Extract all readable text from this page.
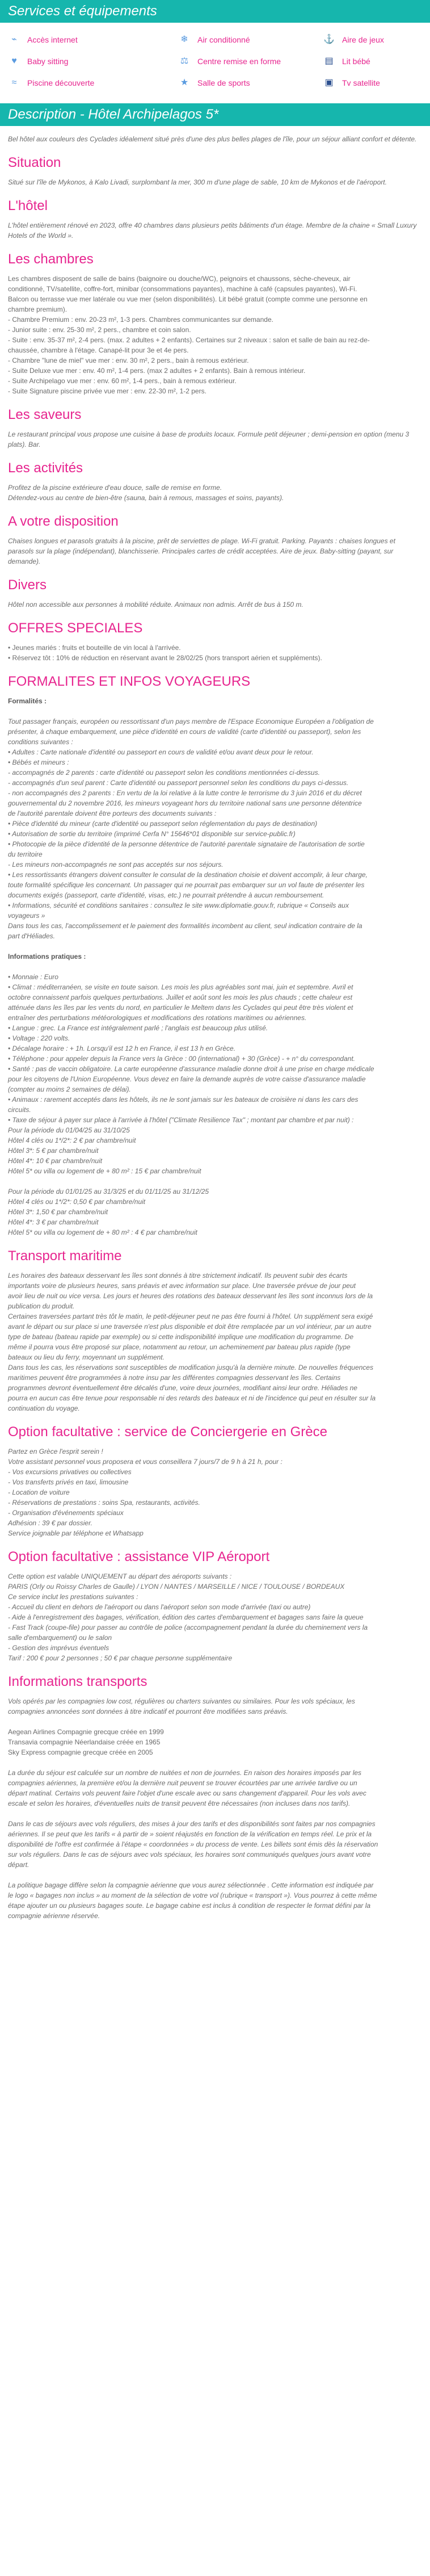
Services et équipements
⌁	Accès internet	❄	Air conditionné	⚓ Aire de jeux
♥	Baby sitting	⚖ Centre remise en forme	▤ Lit bébé
≈	Piscine découverte	★ Salle de sports	▣ Tv satellite
Description - Hôtel Archipelagos 5*

Bel hôtel aux couleurs des Cyclades idéalement situé près d'une des plus belles plages de l'île, pour un séjour alliant confort et détente.

Situation

Situé sur l'île de Mykonos, à Kalo Livadi, surplombant la mer, 300 m d'une plage de sable, 10 km de Mykonos et de l'aéroport.

L'hôtel

L'hôtel entièrement rénové en 2023, offre 40 chambres dans plusieurs petits bâtiments d'un étage. Membre de la chaine « Small Luxury Hotels of the World ».

Les chambres

Les chambres disposent de salle de bains (baignoire ou douche/WC), peignoirs et chaussons, sèche-cheveux, air

conditionné, TV/satellite, coffre-fort, minibar (consommations payantes), machine à café (capsules payantes), Wi-Fi.

Balcon ou terrasse vue mer latérale ou vue mer (selon disponibilités). Lit bébé gratuit (compte comme une personne en

chambre premium).

- Chambre Premium : env. 20-23 m², 1-3 pers. Chambres communicantes sur demande.

- Junior suite : env. 25-30 m², 2 pers., chambre et coin salon.

- Suite : env. 35-37 m², 2-4 pers. (max. 2 adultes + 2 enfants). Certaines sur 2 niveaux : salon et salle de bain au rez-de-

chaussée, chambre à l'étage. Canapé-lit pour 3e et 4e pers.

- Chambre "lune de miel" vue mer : env. 30 m², 2 pers., bain à remous extérieur.

- Suite Deluxe vue mer : env. 40 m², 1-4 pers. (max 2 adultes + 2 enfants). Bain à remous intérieur.

- Suite Archipelago vue mer : env. 60 m², 1-4 pers., bain à remous extérieur.

- Suite Signature piscine privée vue mer : env. 22-30 m², 1-2 pers.

Les saveurs

Le restaurant principal vous propose une cuisine à base de produits locaux. Formule petit déjeuner ; demi-pension en option (menu 3 plats). Bar.

Les activités

Profitez de la piscine extérieure d'eau douce, salle de remise en forme.

Détendez-vous au centre de bien-être (sauna, bain à remous, massages et soins, payants).

A votre disposition

Chaises longues et parasols gratuits à la piscine, prêt de serviettes de plage. Wi-Fi gratuit. Parking. Payants : chaises longues et parasols sur la plage (indépendant), blanchisserie. Principales cartes de crédit acceptées. Aire de jeux. Baby-sitting (payant, sur demande).

Divers

Hôtel non accessible aux personnes à mobilité réduite. Animaux non admis. Arrêt de bus à 150 m.

OFFRES SPECIALES

• Jeunes mariés : fruits et bouteille de vin local à l'arrivée.

• Réservez tôt : 10% de réduction en réservant avant le 28/02/25 (hors transport aérien et suppléments).

FORMALITES ET INFOS VOYAGEURS

Formalités :

Tout passager français, européen ou ressortissant d'un pays membre de l'Espace Economique Européen a l'obligation de

présenter, à chaque embarquement, une pièce d'identité en cours de validité (carte d'identité ou passeport), selon les

conditions suivantes :

• Adultes : Carte nationale d'identité ou passeport en cours de validité et/ou avant deux pour le retour.

• Bébés et mineurs :

- accompagnés de 2 parents : carte d'identité ou passeport selon les conditions mentionnées ci-dessus.

- accompagnés d'un seul parent : Carte d'identité ou passeport personnel selon les conditions du pays ci-dessus.

- non accompagnés des 2 parents : En vertu de la loi relative à la lutte contre le terrorisme du 3 juin 2016 et du décret

gouvernemental du 2 novembre 2016, les mineurs voyageant hors du territoire national sans une personne détentrice

de l'autorité parentale doivent être porteurs des documents suivants :

• Pièce d'identité du mineur (carte d'identité ou passeport selon réglementation du pays de destination)

• Autorisation de sortie du territoire (imprimé Cerfa N° 15646*01 disponible sur service-public.fr)

• Photocopie de la pièce d'identité de la personne détentrice de l'autorité parentale signataire de l'autorisation de sortie

du territoire

- Les mineurs non-accompagnés ne sont pas acceptés sur nos séjours.

• Les ressortissants étrangers doivent consulter le consulat de la destination choisie et doivent accomplir, à leur charge,

toute formalité spécifique les concernant. Un passager qui ne pourrait pas embarquer sur un vol faute de présenter les

documents exigés (passeport, carte d'identité, visas, etc.) ne pourrait prétendre à aucun remboursement.

• Informations, sécurité et conditions sanitaires : consultez le site www.diplomatie.gouv.fr, rubrique « Conseils aux

voyageurs »

Dans tous les cas, l'accomplissement et le paiement des formalités incombent au client, seul indication contraire de la

part d'Héliades.

Informations pratiques :

• Monnaie : Euro

• Climat : méditerranéen, se visite en toute saison. Les mois les plus agréables sont mai, juin et septembre. Avril et

octobre connaissent parfois quelques perturbations. Juillet et août sont les mois les plus chauds ; cette chaleur est

atténuée dans les îles par les vents du nord, en particulier le Meltem dans les Cyclades qui peut être très violent et

entraîner des perturbations météorologiques et modifications des rotations maritimes ou aériennes.

• Langue : grec. La France est intégralement parlé ; l'anglais est beaucoup plus utilisé.

• Voltage : 220 volts.

• Décalage horaire : + 1h. Lorsqu'il est 12 h en France, il est 13 h en Grèce.

• Téléphone : pour appeler depuis la France vers la Grèce : 00 (international) + 30 (Grèce) - + n° du correspondant.

• Santé : pas de vaccin obligatoire. La carte européenne d'assurance maladie donne droit à une prise en charge médicale

pour les citoyens de l'Union Européenne. Vous devez en faire la demande auprès de votre caisse d'assurance maladie

(compter au moins 2 semaines de délai).

• Animaux : rarement acceptés dans les hôtels, ils ne le sont jamais sur les bateaux de croisière ni dans les cars des

circuits.

• Taxe de séjour à payer sur place à l'arrivée à l'hôtel ("Climate Resilience Tax" ; montant par chambre et par nuit) :

Pour la période du 01/04/25 au 31/10/25

Hôtel 4 clés ou 1*/2*: 2 € par chambre/nuit

Hôtel 3*: 5 € par chambre/nuit

Hôtel 4*: 10 € par chambre/nuit

Hôtel 5* ou villa ou logement de + 80 m² : 15 € par chambre/nuit

Pour la période du 01/01/25 au 31/3/25 et du 01/11/25 au 31/12/25

Hôtel 4 clés ou 1*/2*: 0,50 € par chambre/nuit

Hôtel 3*: 1,50 € par chambre/nuit

Hôtel 4*: 3 € par chambre/nuit

Hôtel 5* ou villa ou logement de + 80 m² : 4 € par chambre/nuit

Transport maritime

Les horaires des bateaux desservant les îles sont donnés à titre strictement indicatif. Ils peuvent subir des écarts

importants voire de plusieurs heures, sans préavis et avec information sur place. Une traversée prévue de jour peut

avoir lieu de nuit ou vice versa. Les jours et heures des rotations des bateaux desservant les îles sont inconnus lors de la

publication du produit.

Certaines traversées partant très tôt le matin, le petit-déjeuner peut ne pas être fourni à l'hôtel. Un supplément sera exigé

avant le départ ou sur place si une traversée n'est plus disponible et doit être remplacée par un vol intérieur, par un autre

type de bateau (bateau rapide par exemple) ou si cette indisponibilité implique une modification du programme. De

même il pourra vous être proposé sur place, notamment au retour, un acheminement par bateau plus rapide (type

bateaux ou lieu du ferry, moyennant un supplément.

Dans tous les cas, les réservations sont susceptibles de modification jusqu'à la dernière minute. De nouvelles fréquences

maritimes peuvent être programmées à notre insu par les différentes compagnies desservant les îles. Certains

programmes devront éventuellement être décalés d'une, voire deux journées, modifiant ainsi leur ordre. Héliades ne

pourra en aucun cas être tenue pour responsable ni des retards des bateaux et ni de l'incidence qui peut en résulter sur la

continuation du voyage.

Option facultative : service de Conciergerie en Grèce

Partez en Grèce l'esprit serein !

Votre assistant personnel vous proposera et vous conseillera 7 jours/7 de 9 h à 21 h, pour :

- Vos excursions privatives ou collectives

- Vos transferts privés en taxi, limousine

- Location de voiture

- Réservations de prestations : soins Spa, restaurants, activités.

- Organisation d'événements spéciaux

Adhésion : 39 € par dossier.

Service joignable par téléphone et Whatsapp

Option facultative : assistance VIP Aéroport

Cette option est valable UNIQUEMENT au départ des aéroports suivants :

PARIS (Orly ou Roissy Charles de Gaulle) / LYON / NANTES / MARSEILLE / NICE / TOULOUSE / BORDEAUX

Ce service inclut les prestations suivantes :

- Accueil du client en dehors de l'aéroport ou dans l'aéroport selon son mode d'arrivée (taxi ou autre)

- Aide à l'enregistrement des bagages, vérification, édition des cartes d'embarquement et bagages sans faire la queue

- Fast Track (coupe-file) pour passer au contrôle de police (accompagnement pendant la durée du cheminement vers la

salle d'embarquement) ou le salon

- Gestion des imprévus éventuels

Tarif : 200 € pour 2 personnes ; 50 € par chaque personne supplémentaire

Informations transports

Vols opérés par les compagnies low cost, régulières ou charters suivantes ou similaires. Pour les vols spéciaux, les

compagnies annoncées sont données à titre indicatif et pourront être modifiées sans préavis.

Aegean Airlines Compagnie grecque créée en 1999

Transavia compagnie Néerlandaise créée en 1965

Sky Express compagnie grecque créée en 2005

La durée du séjour est calculée sur un nombre de nuitées et non de journées. En raison des horaires imposés par les

compagnies aériennes, la première et/ou la dernière nuit peuvent se trouver écourtées par une arrivée tardive ou un

départ matinal. Certains vols peuvent faire l'objet d'une escale avec ou sans changement d'appareil. Pour les vols avec

escale et selon les horaires, d'éventuelles nuits de transit peuvent être nécessaires (non incluses dans nos tarifs).

Dans le cas de séjours avec vols réguliers, des mises à jour des tarifs et des disponibilités sont faites par nos compagnies

aériennes. Il se peut que les tarifs « à partir de » soient réajustés en fonction de la vérification en temps réel. Le prix et la

disponibilité de l'offre est confirmée à l'étape « coordonnées » du process de vente. Les billets sont émis dès la réservation

sur vols réguliers. Dans le cas de séjours avec vols spéciaux, les horaires sont communiqués quelques jours avant votre

départ.

La politique bagage diffère selon la compagnie aérienne que vous aurez sélectionnée . Cette information est indiquée par

le logo « bagages non inclus » au moment de la sélection de votre vol (rubrique « transport »). Vous pourrez à cette même

étape ajouter un ou plusieurs bagages soute. Le bagage cabine est inclus à condition de respecter le format défini par la

compagnie aérienne réservée.
